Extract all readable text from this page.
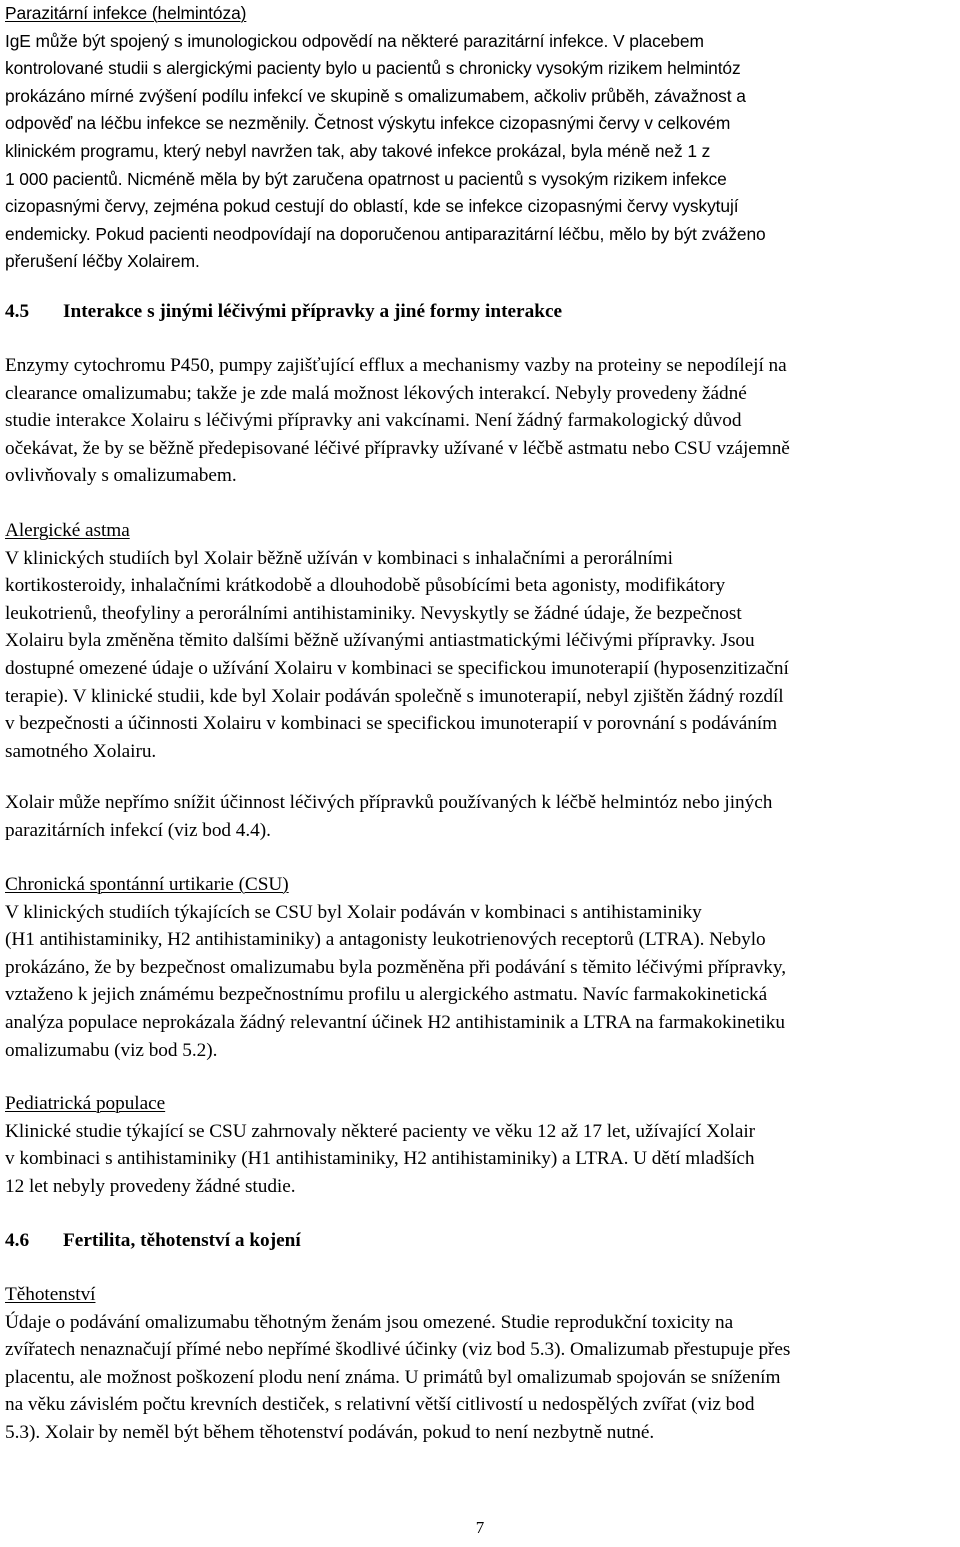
Parazitární infekce (helmintóza)
IgE může být spojený s imunologickou odpovědí na některé parazitární infekce. V placebem
kontrolované studii s alergickými pacienty bylo u pacientů s chronicky vysokým rizikem helmintóz
prokázáno mírné zvýšení podílu infekcí ve skupině s omalizumabem, ačkoliv průběh, závažnost a
odpověď na léčbu infekce se nezměnily. Četnost výskytu infekce cizopasnými červy v celkovém
klinickém programu, který nebyl navržen tak, aby takové infekce prokázal, byla méně než 1 z
1 000 pacientů. Nicméně měla by být zaručena opatrnost u pacientů s vysokým rizikem infekce
cizopasnými červy, zejména pokud cestují do oblastí, kde se infekce cizopasnými červy vyskytují
endemicky. Pokud pacienti neodpovídají na doporučenou antiparazitární léčbu, mělo by být zváženo
přerušení léčby Xolairem.
4.5 Interakce s jinými léčivými přípravky a jiné formy interakce
Enzymy cytochromu P450, pumpy zajišťující efflux a mechanismy vazby na proteiny se nepodílejí na
clearance omalizumabu; takže je zde malá možnost lékových interakcí. Nebyly provedeny žádné
studie interakce Xolairu s léčivými přípravky ani vakcínami. Není žádný farmakologický důvod
očekávat, že by se běžně předepisované léčivé přípravky užívané v léčbě astmatu nebo CSU vzájemně
ovlivňovaly s omalizumabem.
Alergické astma
V klinických studiích byl Xolair běžně užíván v kombinaci s inhalačními a perorálními
kortikosteroidy, inhalačními krátkodobě a dlouhodobě působícími beta agonisty, modifikátory
leukotrienů, theofyliny a perorálními antihistaminiky. Nevyskytly se žádné údaje, že bezpečnost
Xolairu byla změněna těmito dalšími běžně užívanými antiastmatickými léčivými přípravky. Jsou
dostupné omezené údaje o užívání Xolairu v kombinaci se specifickou imunoterapií (hyposenzitizační
terapie). V klinické studii, kde byl Xolair podáván společně s imunoterapií, nebyl zjištěn žádný rozdíl
v bezpečnosti a účinnosti Xolairu v kombinaci se specifickou imunoterapií v porovnání s podáváním
samotného Xolairu.
Xolair může nepřímo snížit účinnost léčivých přípravků používaných k léčbě helmintóz nebo jiných
parazitárních infekcí (viz bod 4.4).
Chronická spontánní urtikarie (CSU)
V klinických studiích týkajících se CSU byl Xolair podáván v kombinaci s antihistaminiky
(H1 antihistaminiky, H2 antihistaminiky) a antagonisty leukotrienových receptorů (LTRA). Nebylo
prokázáno, že by bezpečnost omalizumabu byla pozměněna při podávání s těmito léčivými přípravky,
vztaženo k jejich známému bezpečnostnímu profilu u alergického astmatu. Navíc farmakokinetická
analýza populace neprokázala žádný relevantní účinek H2 antihistaminik a LTRA na farmakokinetiku
omalizumabu (viz bod 5.2).
Pediatrická populace
Klinické studie týkající se CSU zahrnovaly některé pacienty ve věku 12 až 17 let, užívající Xolair
v kombinaci s antihistaminiky (H1 antihistaminiky, H2 antihistaminiky) a LTRA. U dětí mladších
12 let nebyly provedeny žádné studie.
4.6 Fertilita, těhotenství a kojení
Těhotenství
Údaje o podávání omalizumabu těhotným ženám jsou omezené. Studie reprodukční toxicity na
zvířatech nenaznačují přímé nebo nepřímé škodlivé účinky (viz bod 5.3). Omalizumab přestupuje přes
placentu, ale možnost poškození plodu není známa. U primátů byl omalizumab spojován se snížením
na věku závislém počtu krevních destiček, s relativní větší citlivostí u nedospělých zvířat (viz bod
5.3). Xolair by neměl být během těhotenství podáván, pokud to není nezbytně nutné.
7
